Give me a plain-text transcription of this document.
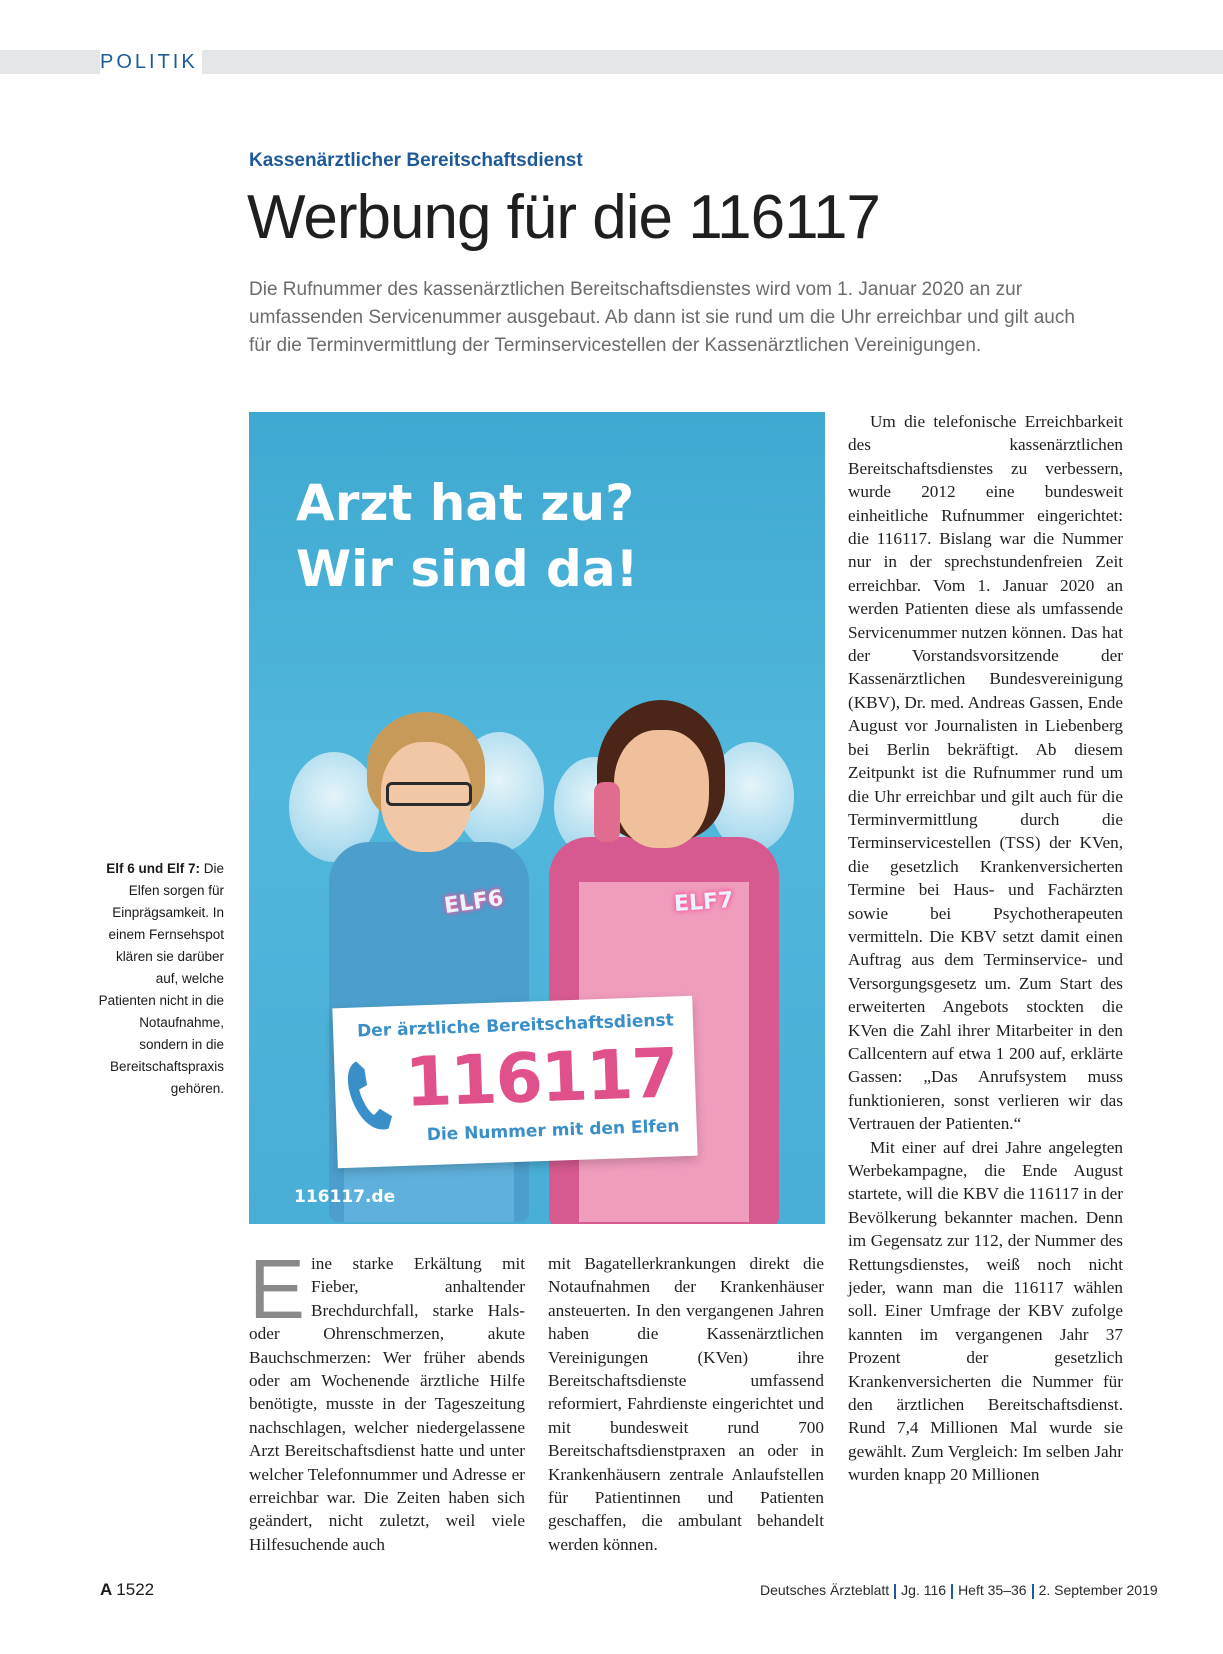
POLITIK
Kassenärztlicher Bereitschaftsdienst
Werbung für die 116117
Die Rufnummer des kassenärztlichen Bereitschaftsdienstes wird vom 1. Januar 2020 an zur umfassenden Servicenummer ausgebaut. Ab dann ist sie rund um die Uhr erreichbar und gilt auch für die Terminvermittlung der Terminservicestellen der Kassenärztlichen Vereinigungen.
Arzt hat zu?
Wir sind da!
ELF6	ELF7
Der ärztliche Bereitschaftsdienst
116117
Die Nummer mit den Elfen
116117.de
Elf 6 und Elf 7: Die Elfen sorgen für Einprägsamkeit. In einem Fernsehspot klären sie darüber auf, welche Patienten nicht in die Notaufnahme, sondern in die Bereitschaftspraxis gehören.

Eine starke Erkältung mit Fieber, anhaltender Brechdurchfall, starke Hals- oder Ohrenschmerzen, akute Bauchschmerzen: Wer früher abends oder am Wochenende ärztliche Hilfe benötigte, musste in der Tageszeitung nachschlagen, welcher niedergelassene Arzt Bereitschaftsdienst hatte und unter welcher Telefonnummer und Adresse er erreichbar war. Die Zeiten haben sich geändert, nicht zuletzt, weil viele Hilfesuchende auch

mit Bagatellerkrankungen direkt die Notaufnahmen der Krankenhäuser ansteuerten. In den vergangenen Jahren haben die Kassenärztlichen Vereinigungen (KVen) ihre Bereitschaftsdienste umfassend reformiert, Fahrdienste eingerichtet und mit bundesweit rund 700 Bereitschaftsdienstpraxen an oder in Krankenhäusern zentrale Anlaufstellen für Patientinnen und Patienten geschaffen, die ambulant behandelt werden können.

Um die telefonische Erreichbarkeit des kassenärztlichen Bereitschaftsdienstes zu verbessern, wurde 2012 eine bundesweit einheitliche Rufnummer eingerichtet: die 116117. Bislang war die Nummer nur in der sprechstundenfreien Zeit erreichbar. Vom 1. Januar 2020 an werden Patienten diese als umfassende Servicenummer nutzen können. Das hat der Vorstandsvorsitzende der Kassenärztlichen Bundesvereinigung (KBV), Dr. med. Andreas Gassen, Ende August vor Journalisten in Liebenberg bei Berlin bekräftigt. Ab diesem Zeitpunkt ist die Rufnummer rund um die Uhr erreichbar und gilt auch für die Terminvermittlung durch die Terminservicestellen (TSS) der KVen, die gesetzlich Krankenversicherten Termine bei Haus- und Fachärzten sowie bei Psychotherapeuten vermitteln. Die KBV setzt damit einen Auftrag aus dem Terminservice- und Versorgungsgesetz um. Zum Start des erweiterten Angebots stockten die KVen die Zahl ihrer Mitarbeiter in den Callcentern auf etwa 1 200 auf, erklärte Gassen: „Das Anrufsystem muss funktionieren, sonst verlieren wir das Vertrauen der Patienten.“

Mit einer auf drei Jahre angelegten Werbekampagne, die Ende August startete, will die KBV die 116117 in der Bevölkerung bekannter machen. Denn im Gegensatz zur 112, der Nummer des Rettungsdienstes, weiß noch nicht jeder, wann man die 116117 wählen soll. Einer Umfrage der KBV zufolge kannten im vergangenen Jahr 37 Prozent der gesetzlich Krankenversicherten die Nummer für den ärztlichen Bereitschaftsdienst. Rund 7,4 Millionen Mal wurde sie gewählt. Zum Vergleich: Im selben Jahr wurden knapp 20 Millionen

A 1522	Deutsches Ärzteblatt Jg. 116 Heft 35–36 2. September 2019
